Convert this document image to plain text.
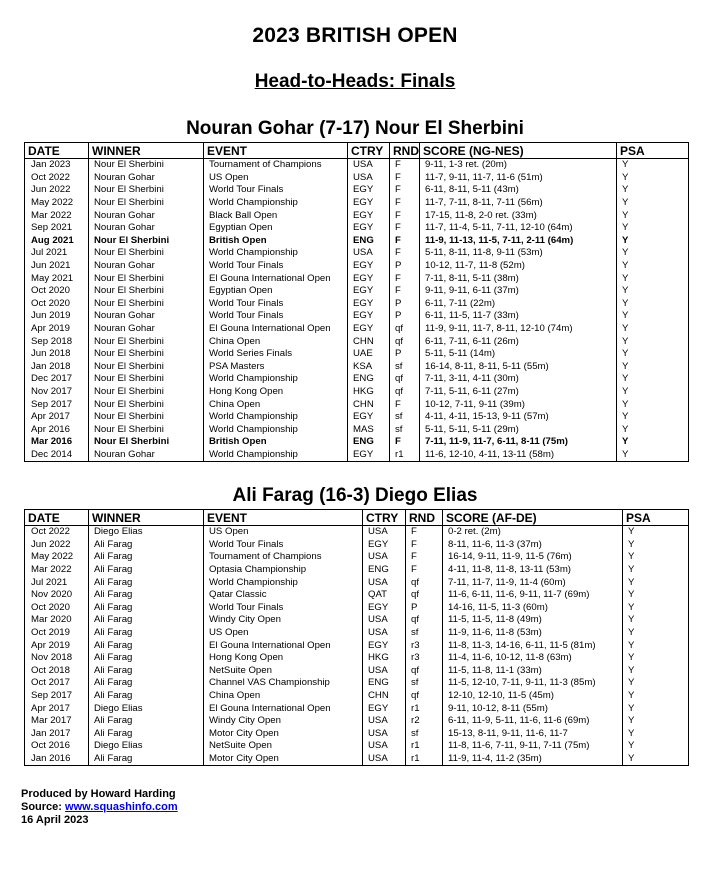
2023 BRITISH OPEN
Head-to-Heads: Finals
Nouran Gohar (7-17) Nour El Sherbini
DATE	WINNER	EVENT	CTRY	RND	SCORE (NG-NES)	PSA
Jan 2023	Nour El Sherbini	Tournament of Champions	USA	F	9-11, 1-3 ret. (20m)	Y
Oct 2022	Nouran Gohar	US Open	USA	F	11-7, 9-11, 11-7, 11-6 (51m)	Y
Jun 2022	Nour El Sherbini	World Tour Finals	EGY	F	6-11, 8-11, 5-11 (43m)	Y
May 2022	Nour El Sherbini	World Championship	EGY	F	11-7, 7-11, 8-11, 7-11 (56m)	Y
Mar 2022	Nouran Gohar	Black Ball Open	EGY	F	17-15, 11-8, 2-0 ret. (33m)	Y
Sep 2021	Nouran Gohar	Egyptian Open	EGY	F	11-7, 11-4, 5-11, 7-11, 12-10 (64m)	Y
Aug 2021	Nour El Sherbini	British Open	ENG	F	11-9, 11-13, 11-5, 7-11, 2-11 (64m)	Y
Jul 2021	Nour El Sherbini	World Championship	USA	F	5-11, 8-11, 11-8, 9-11 (53m)	Y
Jun 2021	Nouran Gohar	World Tour Finals	EGY	P	10-12, 11-7, 11-8 (52m)	Y
May 2021	Nour El Sherbini	El Gouna International Open	EGY	F	7-11, 8-11, 5-11 (38m)	Y
Oct 2020	Nour El Sherbini	Egyptian Open	EGY	F	9-11, 9-11, 6-11 (37m)	Y
Oct 2020	Nour El Sherbini	World Tour Finals	EGY	P	6-11, 7-11 (22m)	Y
Jun 2019	Nouran Gohar	World Tour Finals	EGY	P	6-11, 11-5, 11-7 (33m)	Y
Apr 2019	Nouran Gohar	El Gouna International Open	EGY	qf	11-9, 9-11, 11-7, 8-11, 12-10 (74m)	Y
Sep 2018	Nour El Sherbini	China Open	CHN	qf	6-11, 7-11, 6-11 (26m)	Y
Jun 2018	Nour El Sherbini	World Series Finals	UAE	P	5-11, 5-11 (14m)	Y
Jan 2018	Nour El Sherbini	PSA Masters	KSA	sf	16-14, 8-11, 8-11, 5-11 (55m)	Y
Dec 2017	Nour El Sherbini	World Championship	ENG	qf	7-11, 3-11, 4-11 (30m)	Y
Nov 2017	Nour El Sherbini	Hong Kong Open	HKG	qf	7-11, 5-11, 6-11 (27m)	Y
Sep 2017	Nour El Sherbini	China Open	CHN	F	10-12, 7-11, 9-11 (39m)	Y
Apr 2017	Nour El Sherbini	World Championship	EGY	sf	4-11, 4-11, 15-13, 9-11 (57m)	Y
Apr 2016	Nour El Sherbini	World Championship	MAS	sf	5-11, 5-11, 5-11 (29m)	Y
Mar 2016	Nour El Sherbini	British Open	ENG	F	7-11, 11-9, 11-7, 6-11, 8-11 (75m)	Y
Dec 2014	Nouran Gohar	World Championship	EGY	r1	11-6, 12-10, 4-11, 13-11 (58m)	Y
Ali Farag (16-3) Diego Elias
DATE	WINNER	EVENT	CTRY	RND	SCORE (AF-DE)	PSA
Oct 2022	Diego Elias	US Open	USA	F	0-2 ret. (2m)	Y
Jun 2022	Ali Farag	World Tour Finals	EGY	F	8-11, 11-6, 11-3 (37m)	Y
May 2022	Ali Farag	Tournament of Champions	USA	F	16-14, 9-11, 11-9, 11-5 (76m)	Y
Mar 2022	Ali Farag	Optasia Championship	ENG	F	4-11, 11-8, 11-8, 13-11 (53m)	Y
Jul 2021	Ali Farag	World Championship	USA	qf	7-11, 11-7, 11-9, 11-4 (60m)	Y
Nov 2020	Ali Farag	Qatar Classic	QAT	qf	11-6, 6-11, 11-6, 9-11, 11-7 (69m)	Y
Oct 2020	Ali Farag	World Tour Finals	EGY	P	14-16, 11-5, 11-3 (60m)	Y
Mar 2020	Ali Farag	Windy City Open	USA	qf	11-5, 11-5, 11-8 (49m)	Y
Oct 2019	Ali Farag	US Open	USA	sf	11-9, 11-6, 11-8 (53m)	Y
Apr 2019	Ali Farag	El Gouna International Open	EGY	r3	11-8, 11-3, 14-16, 6-11, 11-5 (81m)	Y
Nov 2018	Ali Farag	Hong Kong Open	HKG	r3	11-4, 11-6, 10-12, 11-8 (63m)	Y
Oct 2018	Ali Farag	NetSuite Open	USA	qf	11-5, 11-8, 11-1 (33m)	Y
Oct 2017	Ali Farag	Channel VAS Championship	ENG	sf	11-5, 12-10, 7-11, 9-11, 11-3 (85m)	Y
Sep 2017	Ali Farag	China Open	CHN	qf	12-10, 12-10, 11-5 (45m)	Y
Apr 2017	Diego Elias	El Gouna International Open	EGY	r1	9-11, 10-12, 8-11 (55m)	Y
Mar 2017	Ali Farag	Windy City Open	USA	r2	6-11, 11-9, 5-11, 11-6, 11-6 (69m)	Y
Jan 2017	Ali Farag	Motor City Open	USA	sf	15-13, 8-11, 9-11, 11-6, 11-7	Y
Oct 2016	Diego Elias	NetSuite Open	USA	r1	11-8, 11-6, 7-11, 9-11, 7-11 (75m)	Y
Jan 2016	Ali Farag	Motor City Open	USA	r1	11-9, 11-4, 11-2 (35m)	Y
Produced by Howard Harding
Source: www.squashinfo.com
16 April 2023
